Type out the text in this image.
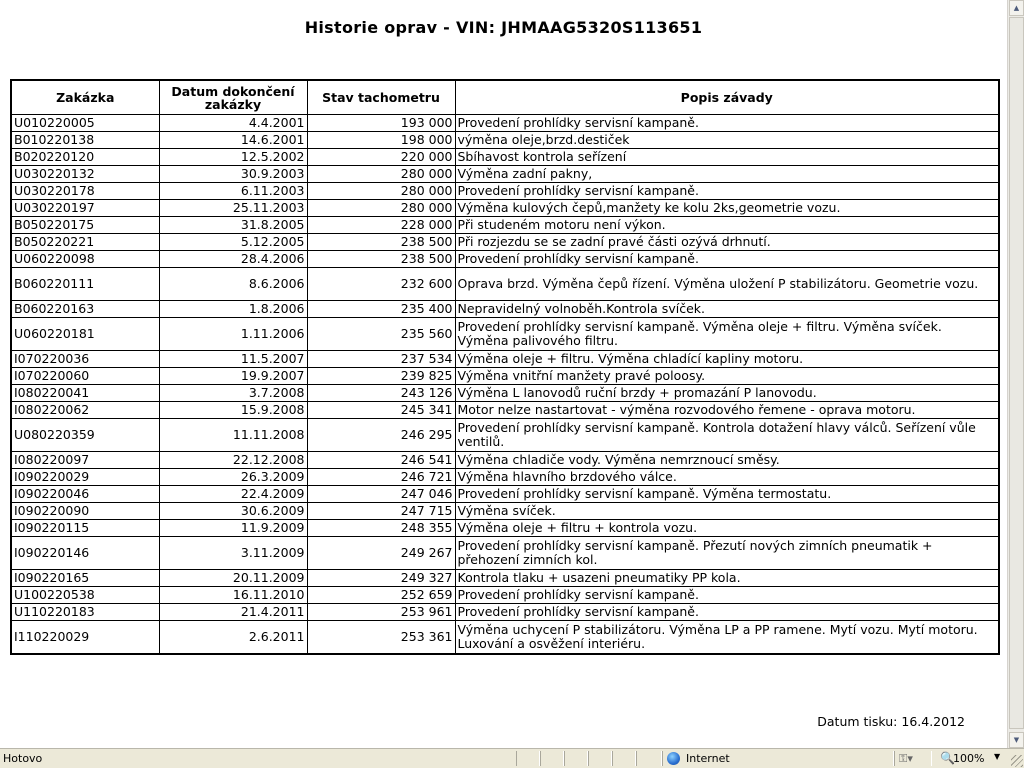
Historie oprav - VIN: JHMAAG5320S113651
Zakázka	Datum dokončení zakázky	Stav tachometru	Popis závady
U010220005	4.4.2001	193 000	Provedení prohlídky servisní kampaně.
B010220138	14.6.2001	198 000	výměna oleje,brzd.destiček
B020220120	12.5.2002	220 000	Sbíhavost kontrola seřízení
U030220132	30.9.2003	280 000	Výměna zadní pakny,
U030220178	6.11.2003	280 000	Provedení prohlídky servisní kampaně.
U030220197	25.11.2003	280 000	Výměna kulových čepů,manžety ke kolu 2ks,geometrie vozu.
B050220175	31.8.2005	228 000	Při studeném motoru není výkon.
B050220221	5.12.2005	238 500	Při rozjezdu se se zadní pravé části ozývá drhnutí.
U060220098	28.4.2006	238 500	Provedení prohlídky servisní kampaně.
B060220111	8.6.2006	232 600	Oprava brzd. Výměna čepů řízení. Výměna uložení P stabilizátoru. Geometrie vozu.
B060220163	1.8.2006	235 400	Nepravidelný volnoběh.Kontrola svíček.
U060220181	1.11.2006	235 560	Provedení prohlídky servisní kampaně. Výměna oleje + filtru. Výměna svíček. Výměna palivového filtru.
I070220036	11.5.2007	237 534	Výměna oleje + filtru. Výměna chladící kapliny motoru.
I070220060	19.9.2007	239 825	Výměna vnitřní manžety pravé poloosy.
I080220041	3.7.2008	243 126	Výměna L lanovodů ruční brzdy + promazání P lanovodu.
I080220062	15.9.2008	245 341	Motor nelze nastartovat - výměna rozvodového řemene - oprava motoru.
U080220359	11.11.2008	246 295	Provedení prohlídky servisní kampaně. Kontrola dotažení hlavy válců. Seřízení vůle ventilů.
I080220097	22.12.2008	246 541	Výměna chladiče vody. Výměna nemrznoucí směsy.
I090220029	26.3.2009	246 721	Výměna hlavního brzdového válce.
I090220046	22.4.2009	247 046	Provedení prohlídky servisní kampaně. Výměna termostatu.
I090220090	30.6.2009	247 715	Výměna svíček.
I090220115	11.9.2009	248 355	Výměna oleje + filtru + kontrola vozu.
I090220146	3.11.2009	249 267	Provedení prohlídky servisní kampaně. Přezutí nových zimních pneumatik + přehození zimních kol.
I090220165	20.11.2009	249 327	Kontrola tlaku + usazeni pneumatiky PP kola.
U100220538	16.11.2010	252 659	Provedení prohlídky servisní kampaně.
U110220183	21.4.2011	253 961	Provedení prohlídky servisní kampaně.
I110220029	2.6.2011	253 361	Výměna uchycení P stabilizátoru. Výměna LP a PP ramene. Mytí vozu. Mytí motoru. Luxování a osvěžení interiéru.
Datum tisku: 16.4.2012
▲
▼
Hotovo	Internet	⚿▾ 🔍
100% ▼
